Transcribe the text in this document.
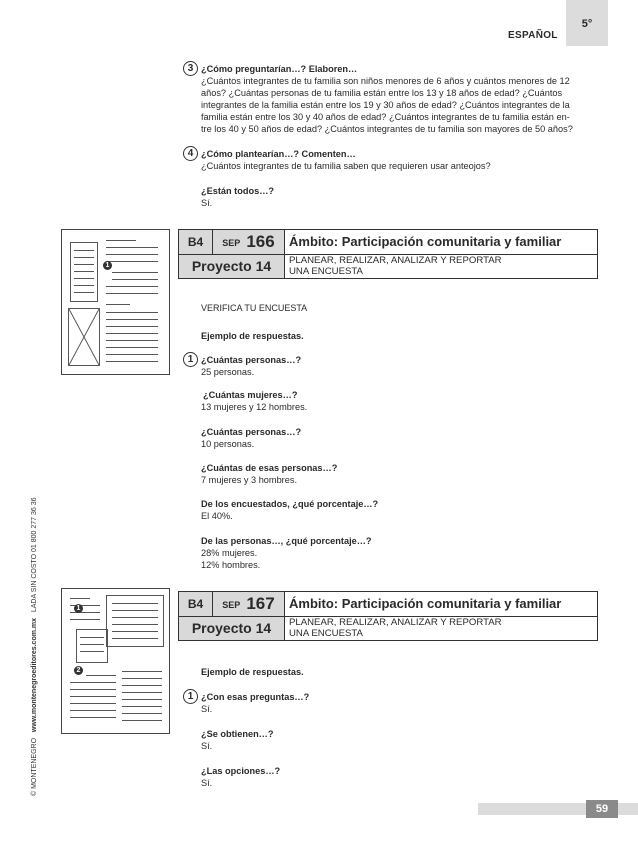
ESPAÑOL
5°
© MONTENEGRO   www.montenegroeditores.com.mx   LADA SIN COSTO 01 800 277 36 36
3 ¿Cómo preguntarían…? Elaboren…
¿Cuántos integrantes de tu familia son niños menores de 6 años y cuántos menores de 12
años? ¿Cuántas personas de tu familia están entre los 13 y 18 años de edad? ¿Cuántos
integrantes de la familia están entre los 19 y 30 años de edad? ¿Cuántos integrantes de la
familia están entre los 30 y 40 años de edad? ¿Cuántos integrantes de tu familia están en-
tre los 40 y 50 años de edad? ¿Cuántos integrantes de tu familia son mayores de 50 años?
4 ¿Cómo plantearían…? Comenten…
¿Cuántos integrantes de tu familia saben que requieren usar anteojos?
¿Están todos…?
Sí.
1
B4	SEP 166	Ámbito: Participación comunitaria y familiar
Proyecto 14	PLANEAR, REALIZAR, ANALIZAR Y REPORTAR
UNA ENCUESTA
VERIFICA TU ENCUESTA
Ejemplo de respuestas.
1 ¿Cuántas personas…?
25 personas.
¿Cuántas mujeres…?
13 mujeres y 12 hombres.
¿Cuántas personas…?
10 personas.
¿Cuántas de esas personas…?
7 mujeres y 3 hombres.
De los encuestados, ¿qué porcentaje…?
El 40%.
De las personas…, ¿qué porcentaje…?
28% mujeres.
12% hombres.
1
2
B4	SEP 167	Ámbito: Participación comunitaria y familiar
Proyecto 14	PLANEAR, REALIZAR, ANALIZAR Y REPORTAR
UNA ENCUESTA
Ejemplo de respuestas.
1 ¿Con esas preguntas…?
Sí.
¿Se obtienen…?
Sí.
¿Las opciones…?
Sí.
59
